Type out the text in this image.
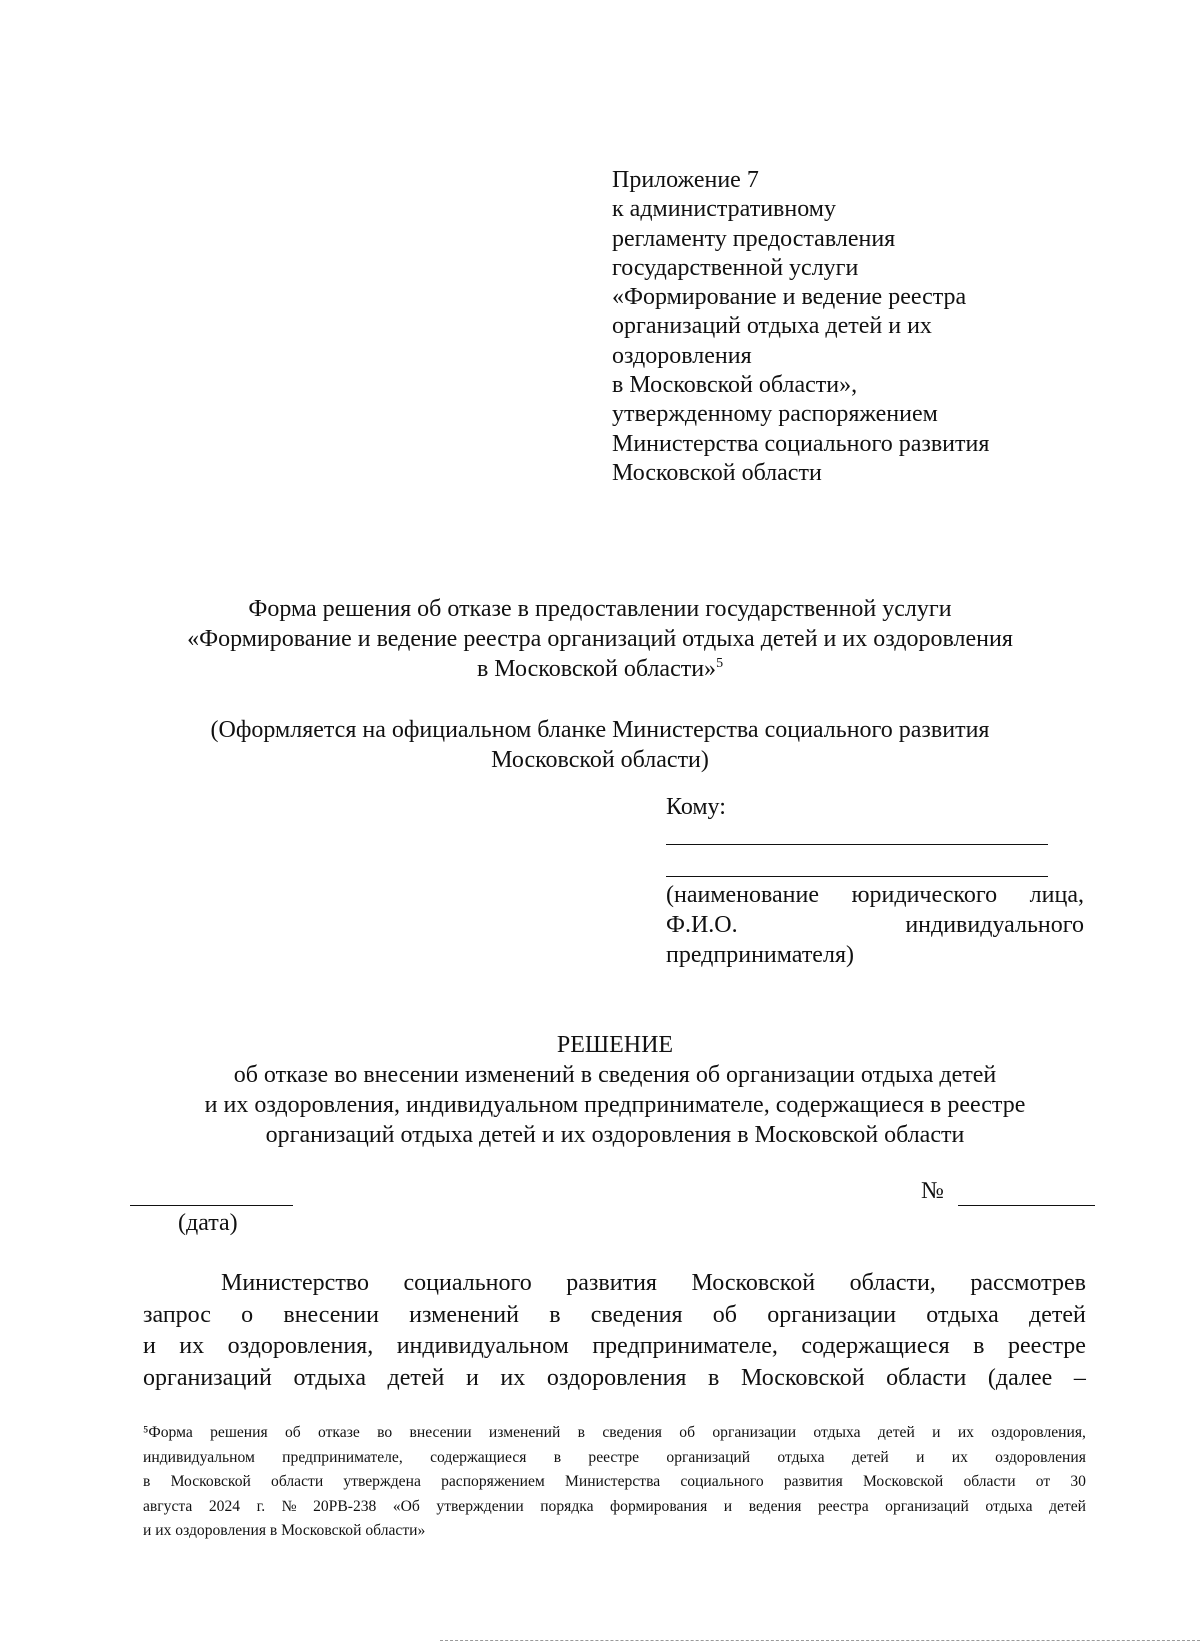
Приложение 7
к административному
регламенту предоставления
государственной услуги
«Формирование и ведение реестра
организаций отдыха детей и их
оздоровления
в Московской области»,
утвержденному распоряжением
Министерства социального развития
Московской области
Форма решения об отказе в предоставлении государственной услуги
«Формирование и ведение реестра организаций отдыха детей и их оздоровления
в Московской области»$^5$
(Оформляется на официальном бланке Министерства социального развития
Московской области)
Кому:
(наименование юридического лица,
Ф.И.О.	индивидуального
предпринимателя)
РЕШЕНИЕ
об отказе во внесении изменений в сведения об организации отдыха детей
и их оздоровления, индивидуальном предпринимателе, содержащиеся в реестре
организаций отдыха детей и их оздоровления в Московской области
(дата)
№
Министерство социального развития Московской области, рассмотрев
запрос о внесении изменений в сведения об организации отдыха детей
и их оздоровления, индивидуальном предпринимателе, содержащиеся в реестре
организаций отдыха детей и их оздоровления в Московской области (далее –
⁵Форма решения об отказе во внесении изменений в сведения об организации отдыха детей и их оздоровления,
индивидуальном предпринимателе, содержащиеся в реестре организаций отдыха детей и их оздоровления
в Московской области утверждена распоряжением Министерства социального развития Московской области от 30
августа 2024 г. № 20РВ-238 «Об утверждении порядка формирования и ведения реестра организаций отдыха детей
и их оздоровления в Московской области»
